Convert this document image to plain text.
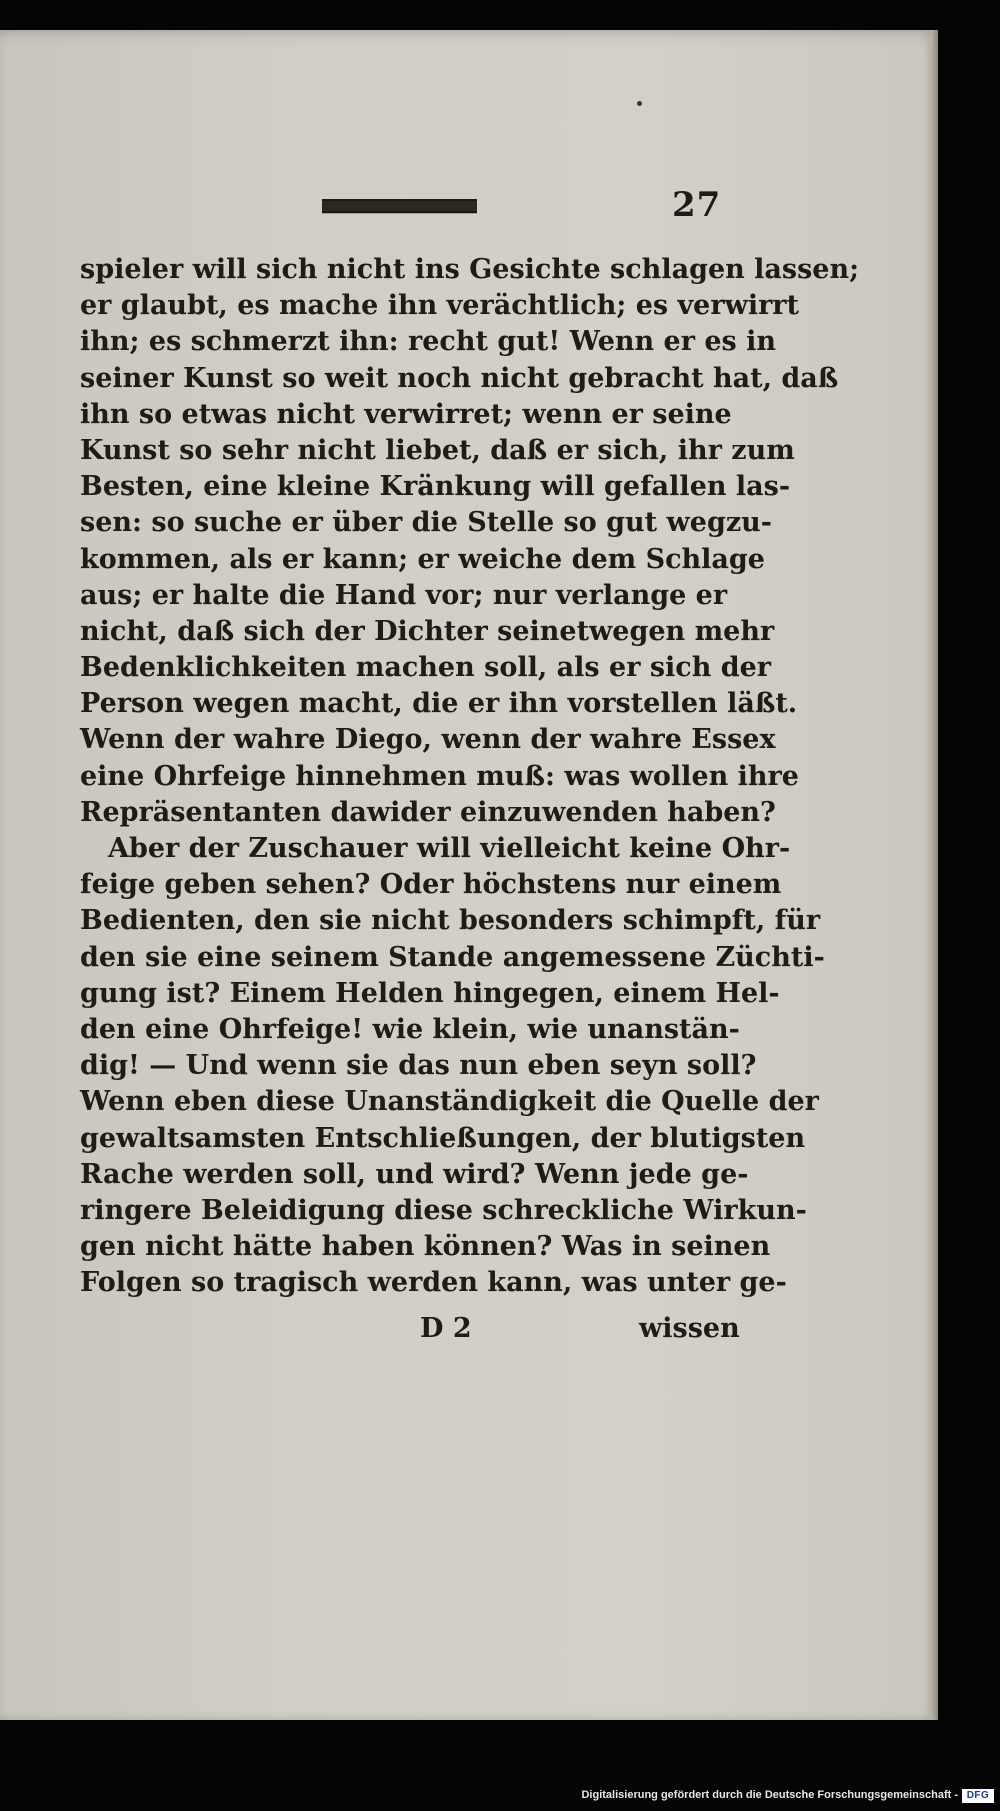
27
spieler will sich nicht ins Gesichte schlagen lassen;
er glaubt, es mache ihn verächtlich; es verwirrt
ihn; es schmerzt ihn: recht gut! Wenn er es in
seiner Kunst so weit noch nicht gebracht hat, daß
ihn so etwas nicht verwirret; wenn er seine
Kunst so sehr nicht liebet, daß er sich, ihr zum
Besten, eine kleine Kränkung will gefallen las-
sen: so suche er über die Stelle so gut wegzu-
kommen, als er kann; er weiche dem Schlage
aus; er halte die Hand vor; nur verlange er
nicht, daß sich der Dichter seinetwegen mehr
Bedenklichkeiten machen soll, als er sich der
Person wegen macht, die er ihn vorstellen läßt.
Wenn der wahre Diego, wenn der wahre Essex
eine Ohrfeige hinnehmen muß: was wollen ihre
Repräsentanten dawider einzuwenden haben?
Aber der Zuschauer will vielleicht keine Ohr-
feige geben sehen? Oder höchstens nur einem
Bedienten, den sie nicht besonders schimpft, für
den sie eine seinem Stande angemessene Züchti-
gung ist? Einem Helden hingegen, einem Hel-
den eine Ohrfeige! wie klein, wie unanstän-
dig! — Und wenn sie das nun eben seyn soll?
Wenn eben diese Unanständigkeit die Quelle der
gewaltsamsten Entschließungen, der blutigsten
Rache werden soll, und wird? Wenn jede ge-
ringere Beleidigung diese schreckliche Wirkun-
gen nicht hätte haben können? Was in seinen
Folgen so tragisch werden kann, was unter ge-
D 2	wissen
Digitalisierung gefördert durch die Deutsche Forschungsgemeinschaft - DFG
